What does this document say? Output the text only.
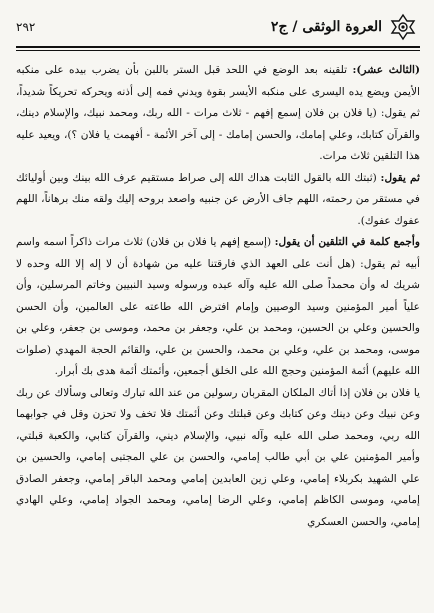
العروة الوثقى / ج٢
٢٩٢

(الثالث عشر): تلقينه بعد الوضع في اللحد قبل الستر باللبن بأن يضرب بيده على منكبه الأيمن ويضع يده اليسرى على منكبه الأيسر بقوة ويدني فمه إلى أذنه ويحركه تحريكاً شديداً، ثم يقول: (يا فلان بن فلان إسمع إفهم - ثلاث مرات - الله ربك، ومحمد نبيك، والإسلام دينك، والقرآن كتابك، وعلي إمامك، والحسن إمامك - إلى آخر الأئمة - أفهمت يا فلان ؟)، ويعيد عليه هذا التلقين ثلاث مرات.

ثم يقول: (ثبتك الله بالقول الثابت هداك الله إلى صراط مستقيم عرف الله بينك وبين أوليائك في مستقر من رحمته، اللهم جاف الأرض عن جنبيه واصعد بروحه إليك ولقه منك برهاناً، اللهم عفوك عفوك).

وأجمع كلمة في التلقين أن يقول: (إسمع إفهم يا فلان بن فلان) ثلاث مرات ذاكراً اسمه واسم أبيه ثم يقول: (هل أنت على العهد الذي فارقتنا عليه من شهادة أن لا إله إلا الله وحده لا شريك له وأن محمداً صلى الله عليه وآله عبده ورسوله وسيد النبيين وخاتم المرسلين، وأن علياً أمير المؤمنين وسيد الوصيين وإمام افترض الله طاعته على العالمين، وأن الحسن والحسين وعلي بن الحسين، ومحمد بن علي، وجعفر بن محمد، وموسى بن جعفر، وعلي بن موسى، ومحمد بن علي، وعلي بن محمد، والحسن بن علي، والقائم الحجة المهدي (صلوات الله عليهم) أئمة المؤمنين وحجج الله على الخلق أجمعين، وأئمتك أئمة هدى بك أبرار.

يا فلان بن فلان إذا أتاك الملكان المقربان رسولين من عند الله تبارك وتعالى وسألاك عن ربك وعن نبيك وعن دينك وعن كتابك وعن قبلتك وعن أئمتك فلا تخف ولا تحزن وقل في جوابهما الله ربي، ومحمد صلى الله عليه وآله نبيي، والإسلام ديني، والقرآن كتابي، والكعبة قبلتي، وأمير المؤمنين علي بن أبي طالب إمامي، والحسن بن علي المجتبى إمامي، والحسين بن علي الشهيد بكربلاء إمامي، وعلي زين العابدين إمامي ومحمد الباقر إمامي، وجعفر الصادق إمامي، وموسى الكاظم إمامي، وعلي الرضا إمامي، ومحمد الجواد إمامي، وعلي الهادي إمامي، والحسن العسكري
